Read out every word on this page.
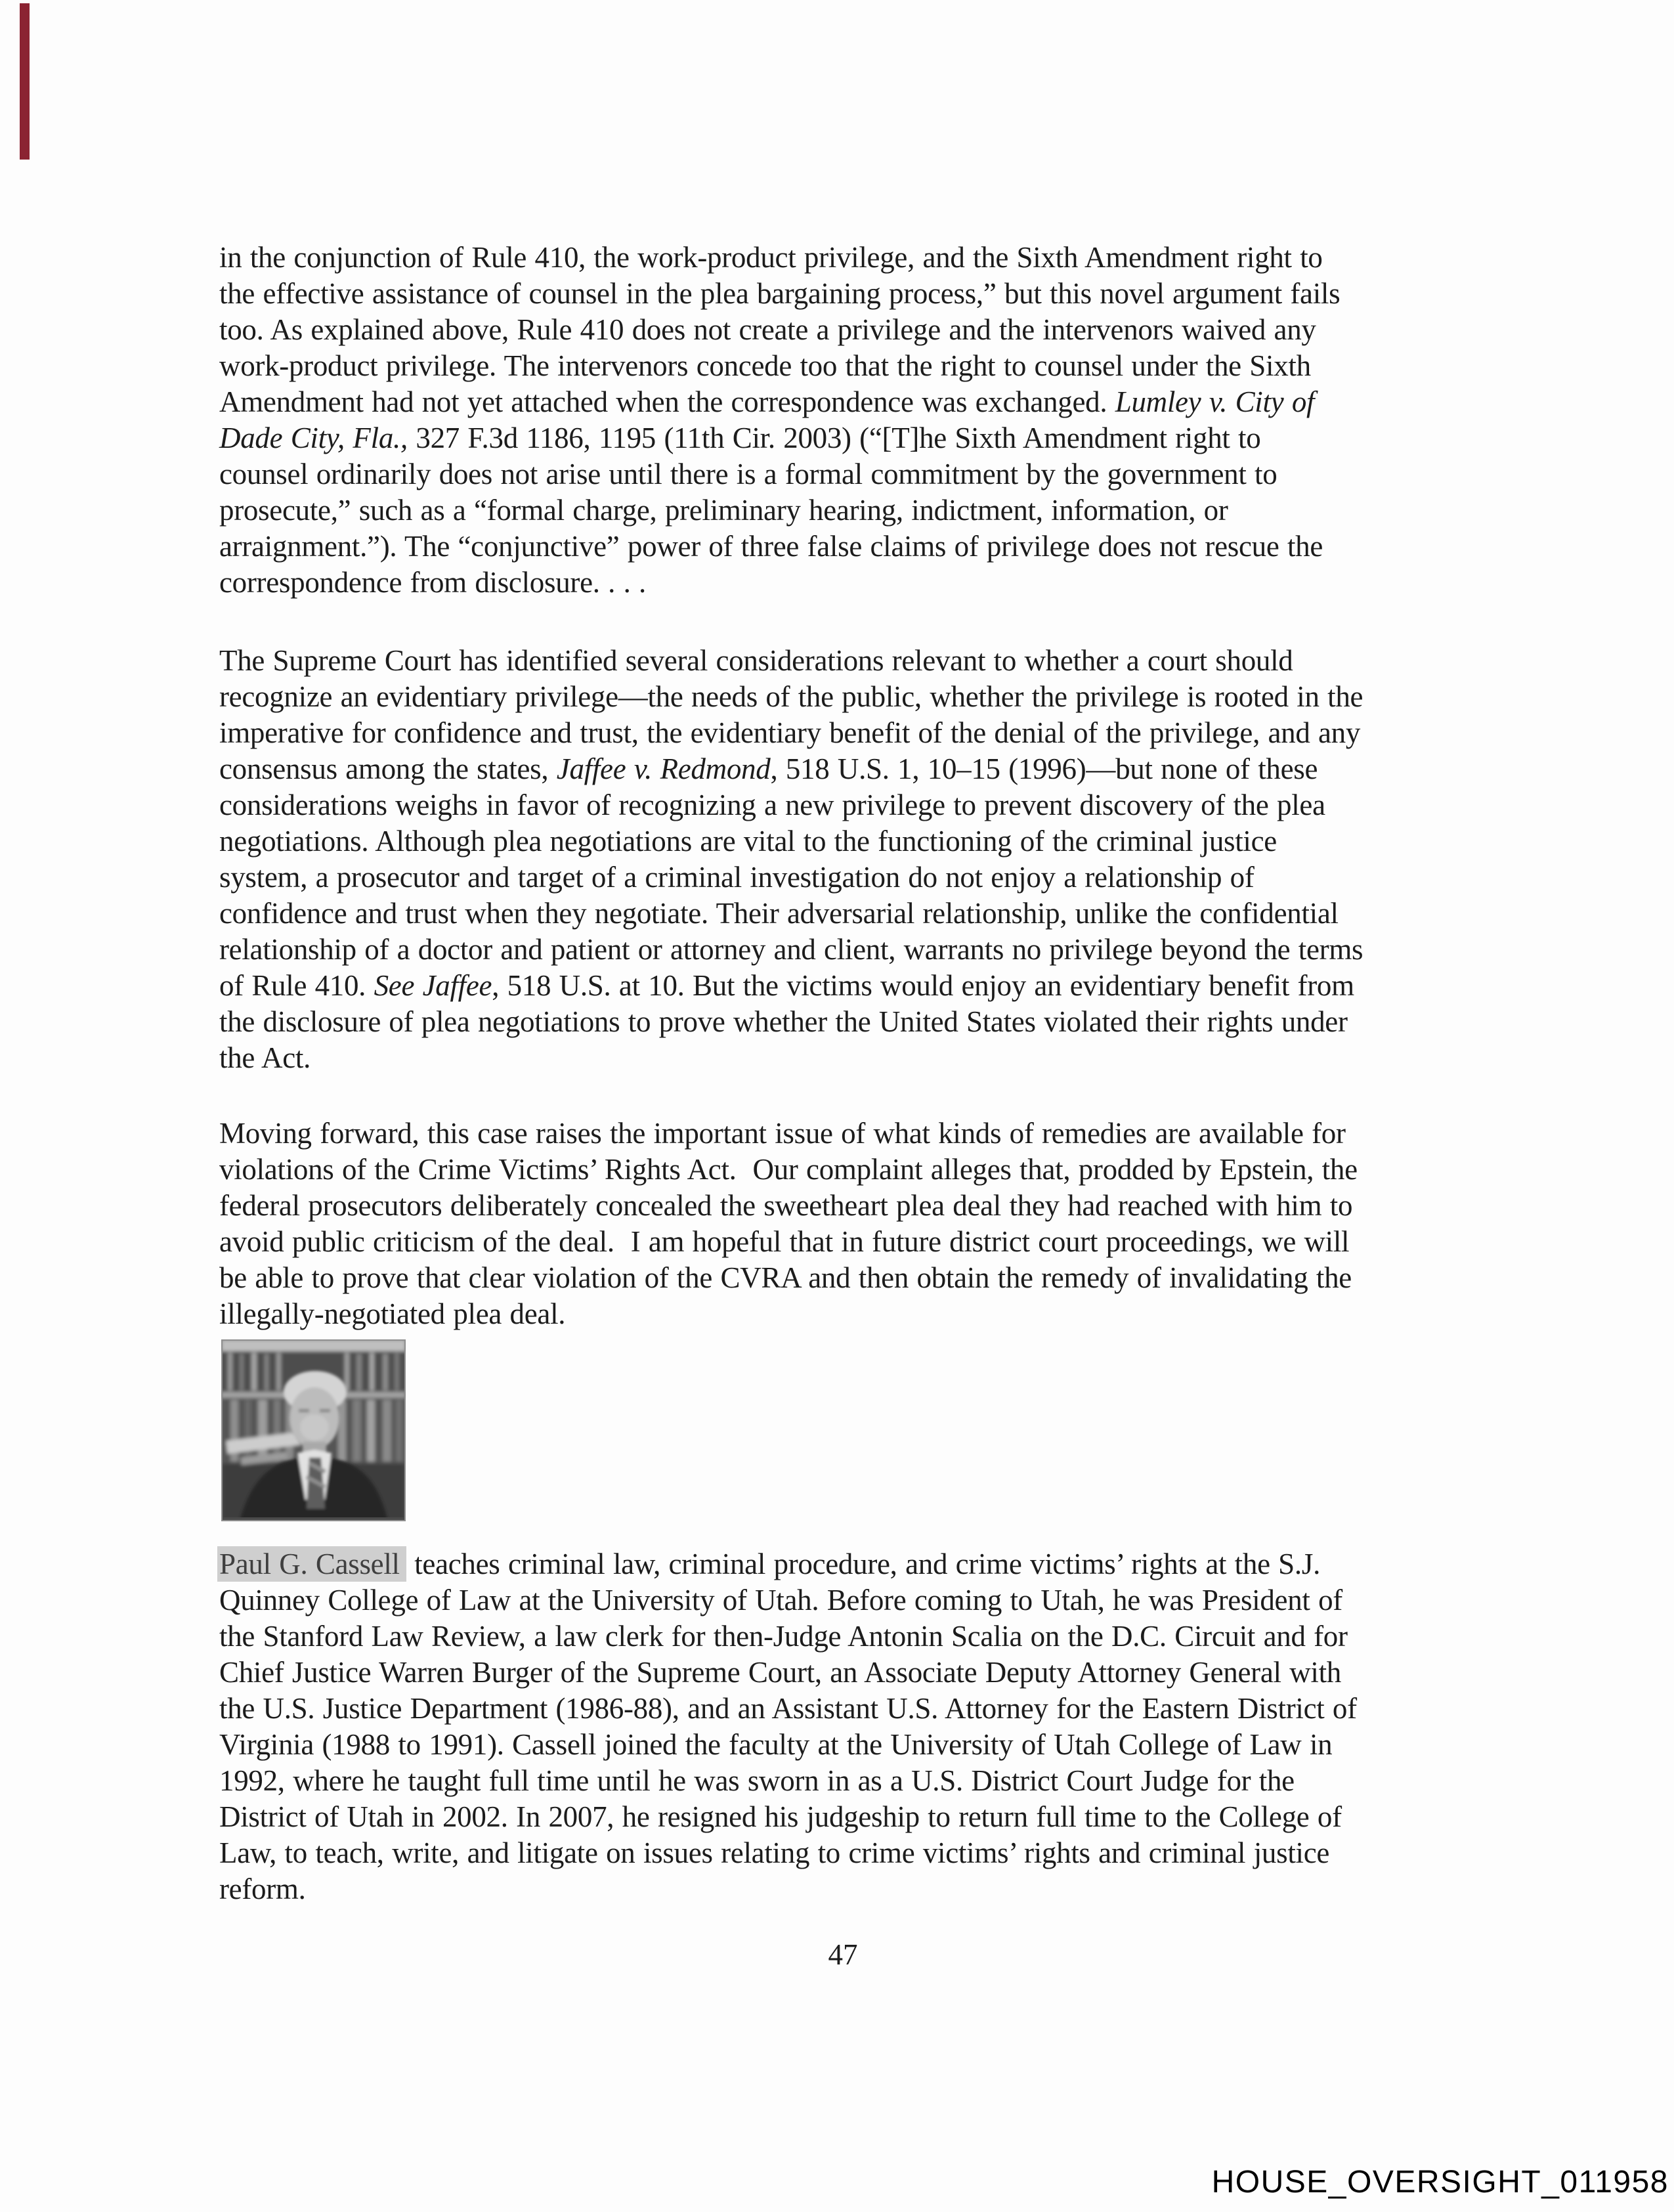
in the conjunction of Rule 410, the work-product privilege, and the Sixth Amendment right to
the effective assistance of counsel in the plea bargaining process,” but this novel argument fails
too. As explained above, Rule 410 does not create a privilege and the intervenors waived any
work-product privilege. The intervenors concede too that the right to counsel under the Sixth
Amendment had not yet attached when the correspondence was exchanged. Lumley v. City of
Dade City, Fla., 327 F.3d 1186, 1195 (11th Cir. 2003) (“[T]he Sixth Amendment right to
counsel ordinarily does not arise until there is a formal commitment by the government to
prosecute,” such as a “formal charge, preliminary hearing, indictment, information, or
arraignment.”). The “conjunctive” power of three false claims of privilege does not rescue the
correspondence from disclosure. . . .

The Supreme Court has identified several considerations relevant to whether a court should
recognize an evidentiary privilege—the needs of the public, whether the privilege is rooted in the
imperative for confidence and trust, the evidentiary benefit of the denial of the privilege, and any
consensus among the states, Jaffee v. Redmond, 518 U.S. 1, 10–15 (1996)—but none of these
considerations weighs in favor of recognizing a new privilege to prevent discovery of the plea
negotiations. Although plea negotiations are vital to the functioning of the criminal justice
system, a prosecutor and target of a criminal investigation do not enjoy a relationship of
confidence and trust when they negotiate. Their adversarial relationship, unlike the confidential
relationship of a doctor and patient or attorney and client, warrants no privilege beyond the terms
of Rule 410. See Jaffee, 518 U.S. at 10. But the victims would enjoy an evidentiary benefit from
the disclosure of plea negotiations to prove whether the United States violated their rights under
the Act.

Moving forward, this case raises the important issue of what kinds of remedies are available for
violations of the Crime Victims’ Rights Act.  Our complaint alleges that, prodded by Epstein, the
federal prosecutors deliberately concealed the sweetheart plea deal they had reached with him to
avoid public criticism of the deal.  I am hopeful that in future district court proceedings, we will
be able to prove that clear violation of the CVRA and then obtain the remedy of invalidating the
illegally-negotiated plea deal.

Paul G. Cassell teaches criminal law, criminal procedure, and crime victims’ rights at the S.J.
Quinney College of Law at the University of Utah. Before coming to Utah, he was President of
the Stanford Law Review, a law clerk for then-Judge Antonin Scalia on the D.C. Circuit and for
Chief Justice Warren Burger of the Supreme Court, an Associate Deputy Attorney General with
the U.S. Justice Department (1986-88), and an Assistant U.S. Attorney for the Eastern District of
Virginia (1988 to 1991). Cassell joined the faculty at the University of Utah College of Law in
1992, where he taught full time until he was sworn in as a U.S. District Court Judge for the
District of Utah in 2002. In 2007, he resigned his judgeship to return full time to the College of
Law, to teach, write, and litigate on issues relating to crime victims’ rights and criminal justice
reform.

47
HOUSE_OVERSIGHT_011958
